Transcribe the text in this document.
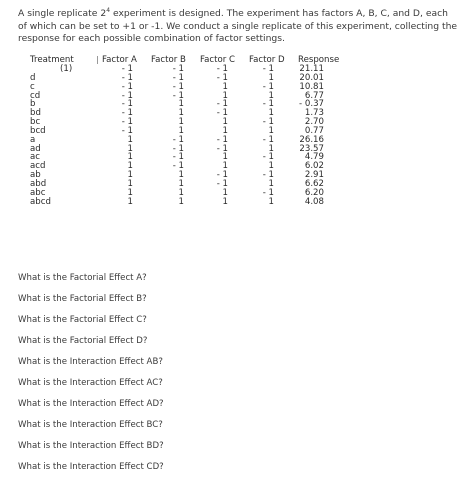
A single replicate $2^4$ experiment is designed. The experiment has factors A, B, C, and D, each of which can be set to +1 or -1. We conduct a single replicate of this experiment, collecting the response for each possible combination of factor settings.
Treatment	Factor A Factor B Factor C Factor D Response
(1)	- 1	- 1	- 1	- 1	21.11
d	- 1	- 1	- 1	1	20.01
c	- 1	- 1	1	- 1	10.81
cd	- 1	- 1	1	1	6.77
b	- 1	1	- 1	- 1	- 0.37
bd	- 1	1	- 1	1	1.73
bc	- 1	1	1	- 1	2.70
bcd	- 1	1	1	1	0.77
a	1	- 1	- 1	- 1	26.16
ad	1	- 1	- 1	1	23.57
ac	1	- 1	1	- 1	4.79
acd	1	- 1	1	1	6.02
ab	1	1	- 1	- 1	2.91
abd	1	1	- 1	1	6.62
abc	1	1	1	- 1	6.20
abcd	1	1	1	1	4.08
What is the Factorial Effect A?
What is the Factorial Effect B?
What is the Factorial Effect C?
What is the Factorial Effect D?
What is the Interaction Effect AB?
What is the Interaction Effect AC?
What is the Interaction Effect AD?
What is the Interaction Effect BC?
What is the Interaction Effect BD?
What is the Interaction Effect CD?
